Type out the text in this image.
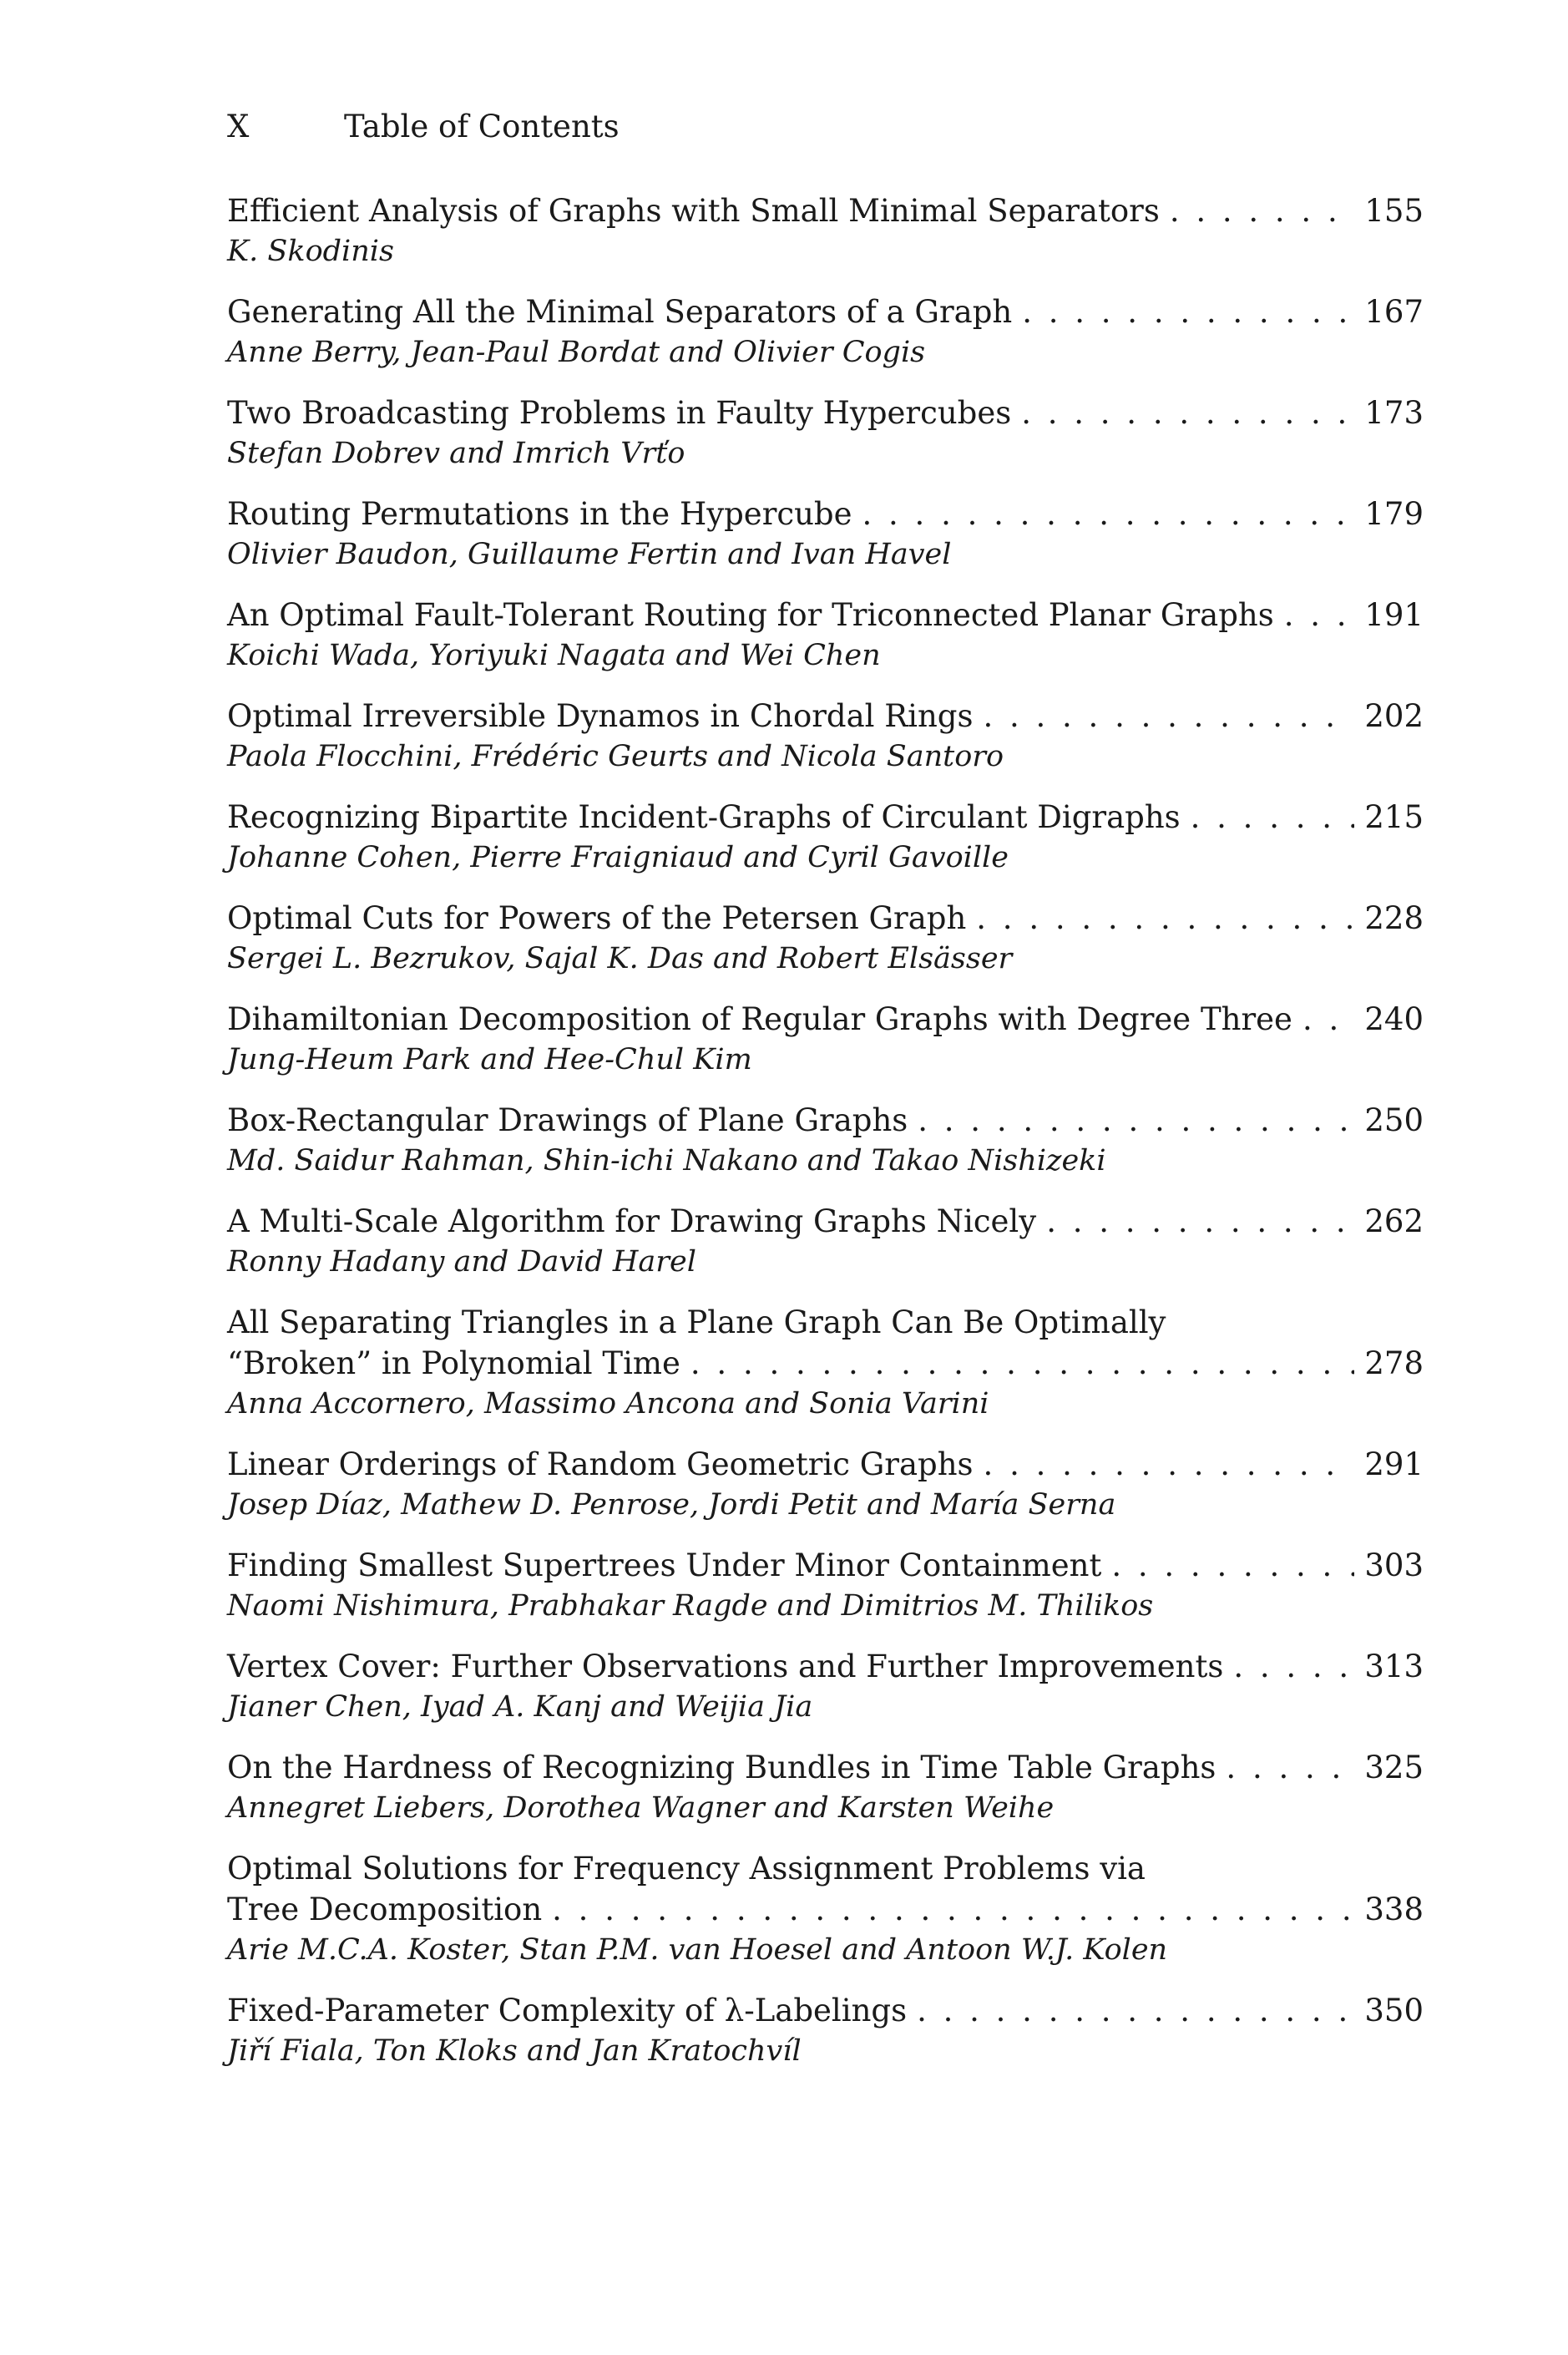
X	Table of Contents
Efficient Analysis of Graphs with Small Minimal Separators . . .	155
K. Skodinis
Generating All the Minimal Separators of a Graph . . .	167
Anne Berry, Jean-Paul Bordat and Olivier Cogis
Two Broadcasting Problems in Faulty Hypercubes . . .	173
Stefan Dobrev and Imrich Vrťo
Routing Permutations in the Hypercube . . .	179
Olivier Baudon, Guillaume Fertin and Ivan Havel
An Optimal Fault-Tolerant Routing for Triconnected Planar Graphs . . .	191
Koichi Wada, Yoriyuki Nagata and Wei Chen
Optimal Irreversible Dynamos in Chordal Rings . . .	202
Paola Flocchini, Frédéric Geurts and Nicola Santoro
Recognizing Bipartite Incident-Graphs of Circulant Digraphs . . .	215
Johanne Cohen, Pierre Fraigniaud and Cyril Gavoille
Optimal Cuts for Powers of the Petersen Graph . . .	228
Sergei L. Bezrukov, Sajal K. Das and Robert Elsässer
Dihamiltonian Decomposition of Regular Graphs with Degree Three . . . 240
Jung-Heum Park and Hee-Chul Kim
Box-Rectangular Drawings of Plane Graphs . . .	250
Md. Saidur Rahman, Shin-ichi Nakano and Takao Nishizeki
A Multi-Scale Algorithm for Drawing Graphs Nicely . . .	262
Ronny Hadany and David Harel
All Separating Triangles in a Plane Graph Can Be Optimally
“Broken” in Polynomial Time . . .	278
Anna Accornero, Massimo Ancona and Sonia Varini
Linear Orderings of Random Geometric Graphs . . .	291
Josep Díaz, Mathew D. Penrose, Jordi Petit and María Serna
Finding Smallest Supertrees Under Minor Containment . . .	303
Naomi Nishimura, Prabhakar Ragde and Dimitrios M. Thilikos
Vertex Cover: Further Observations and Further Improvements . . .	313
Jianer Chen, Iyad A. Kanj and Weijia Jia
On the Hardness of Recognizing Bundles in Time Table Graphs . . .	325
Annegret Liebers, Dorothea Wagner and Karsten Weihe
Optimal Solutions for Frequency Assignment Problems via
Tree Decomposition . . .	338
Arie M.C.A. Koster, Stan P.M. van Hoesel and Antoon W.J. Kolen
Fixed-Parameter Complexity of λ-Labelings . . .	350
Jiří Fiala, Ton Kloks and Jan Kratochvíl
